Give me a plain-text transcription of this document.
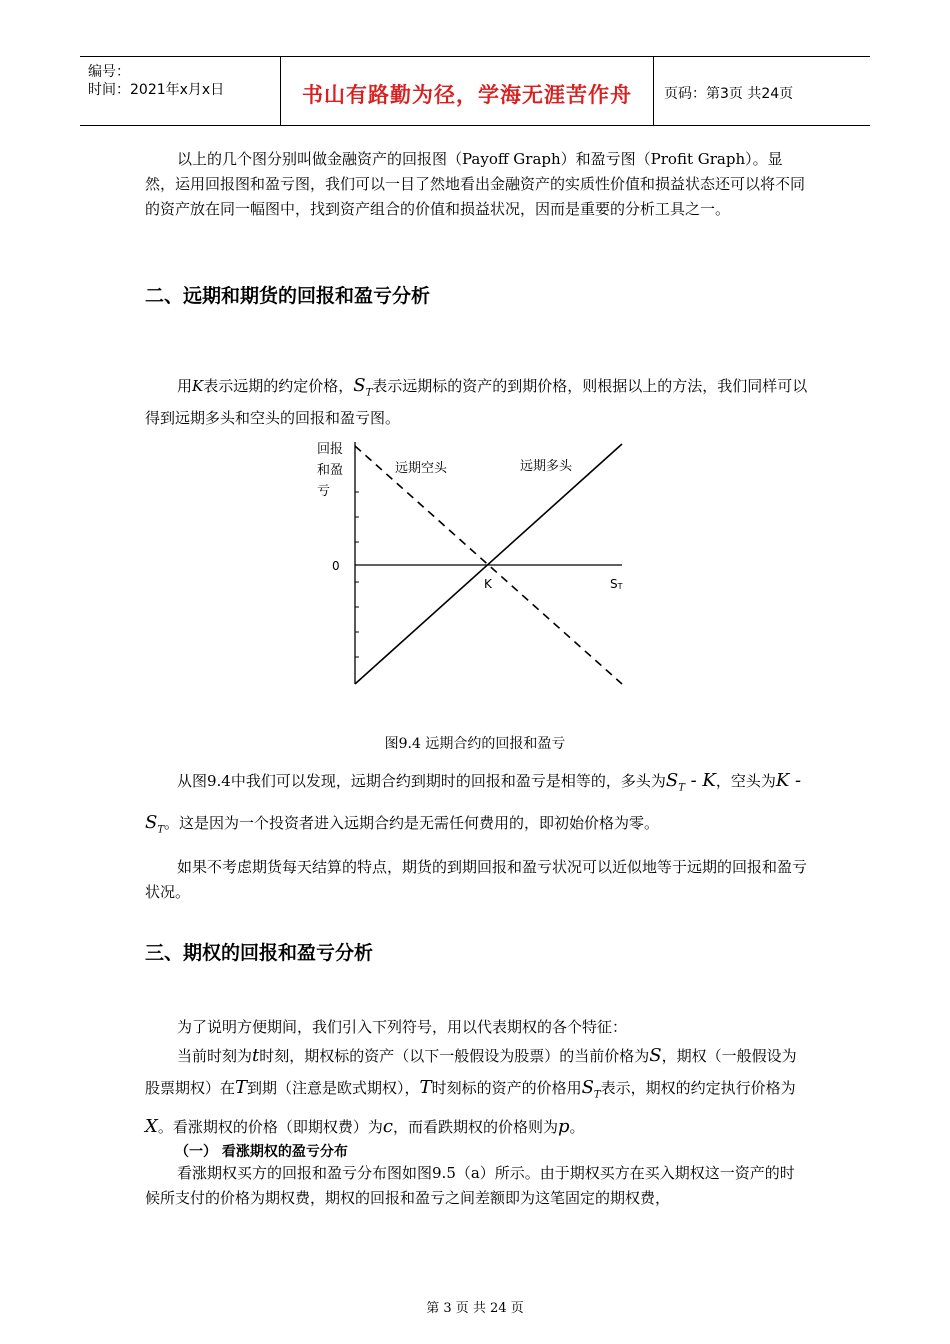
编号：
时间：2021年x月x日	书山有路勤为径，学海无涯苦作舟	页码：第3页 共24页

以上的几个图分别叫做金融资产的回报图（Payoff Graph）和盈亏图（Profit Graph）。显然，运用回报图和盈亏图，我们可以一目了然地看出金融资产的实质性价值和损益状态还可以将不同的资产放在同一幅图中，找到资产组合的价值和损益状况，因而是重要的分析工具之一。

二、远期和期货的回报和盈亏分析

用K表示远期的约定价格，$S_T$表示远期标的资产的到期价格，则根据以上的方法，我们同样可以得到远期多头和空头的回报和盈亏图。

回报
和盈
亏
远期空头	远期多头
0
K	ST
图9.4 远期合约的回报和盈亏

从图9.4中我们可以发现，远期合约到期时的回报和盈亏是相等的，多头为$S_T$ - K，空头为K - $S_T$。这是因为一个投资者进入远期合约是无需任何费用的，即初始价格为零。

如果不考虑期货每天结算的特点，期货的到期回报和盈亏状况可以近似地等于远期的回报和盈亏状况。

三、期权的回报和盈亏分析

为了说明方便期间，我们引入下列符号，用以代表期权的各个特征：

当前时刻为t时刻，期权标的资产（以下一般假设为股票）的当前价格为S，期权（一般假设为股票期权）在T到期（注意是欧式期权），T时刻标的资产的价格用$S_T$表示，期权的约定执行价格为X。看涨期权的价格（即期权费）为c，而看跌期权的价格则为p。

（一） 看涨期权的盈亏分布

看涨期权买方的回报和盈亏分布图如图9.5（a）所示。由于期权买方在买入期权这一资产的时候所支付的价格为期权费，期权的回报和盈亏之间差额即为这笔固定的期权费，

第 3 页 共 24 页
